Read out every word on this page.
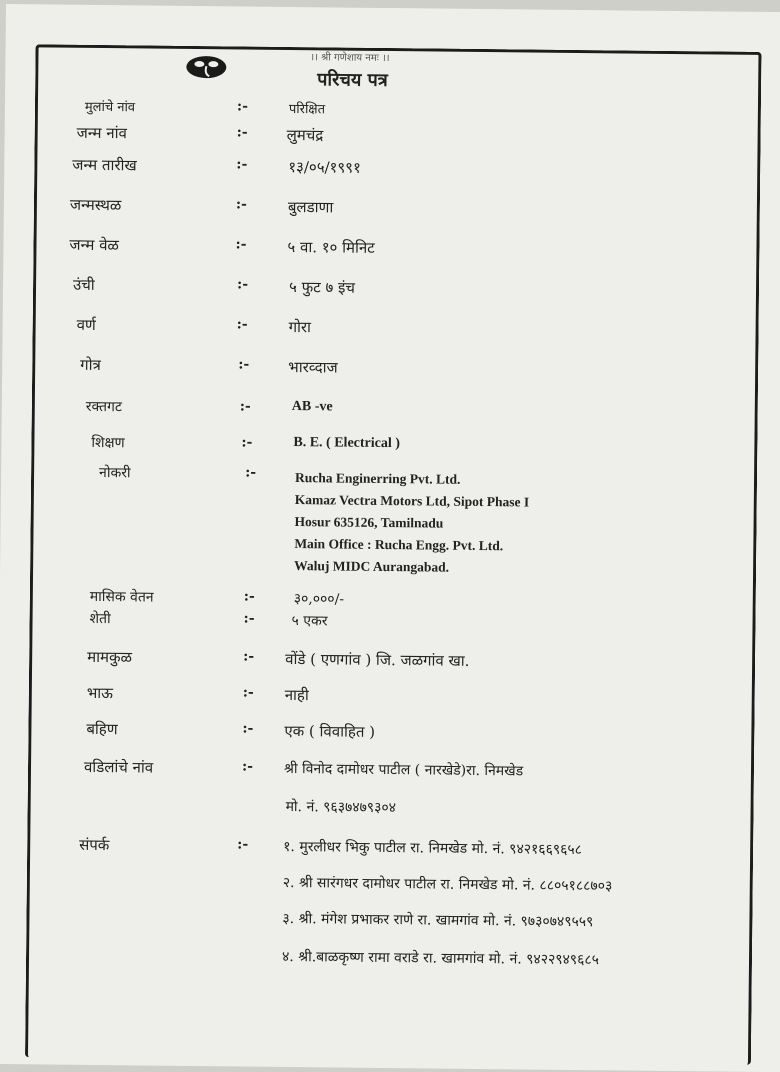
।। श्री गणेशाय नमः ।।
परिचय पत्र
मुलांचे नांव	:-	परिक्षित
जन्म नांव	:-	लुमचंद्र
जन्म तारीख	:-	१३/०५/१९९१
जन्मस्थळ	:-	बुलडाणा
जन्म वेळ	:-	५ वा. १० मिनिट
उंची	:-	५ फुट ७ इंच
वर्ण	:-	गोरा
गोत्र	:-	भारव्दाज
रक्तगट	:-	AB -ve
शिक्षण	:-	B. E. ( Electrical )
नोकरी	:-	Rucha Enginerring Pvt. Ltd.
Kamaz Vectra Motors Ltd, Sipot Phase I
Hosur 635126, Tamilnadu
Main Office : Rucha Engg. Pvt. Ltd.
Waluj MIDC Aurangabad.
मासिक वेतन	:-	३०,०००/-
शेती	:-	५ एकर
मामकुळ	:- वोंडे ( एणगांव ) जि. जळगांव खा.
भाऊ	:- नाही
बहिण	:- एक ( विवाहित )
वडिलांचे नांव	:- श्री विनोद दामोधर पाटील ( नारखेडे)रा. निमखेड
मो. नं. ९६३७४७९३०४
संपर्क	:- १. मुरलीधर भिकु पाटील रा. निमखेड मो. नं. ९४२१६६९६५८
२. श्री सारंगधर दामोधर पाटील रा. निमखेड मो. नं. ८८०५१८८७०३
३. श्री. मंगेश प्रभाकर राणे रा. खामगांव मो. नं. ९७३०७४९५५९
४. श्री.बाळकृष्ण रामा वराडे रा. खामगांव मो. नं. ९४२२९४९६८५
